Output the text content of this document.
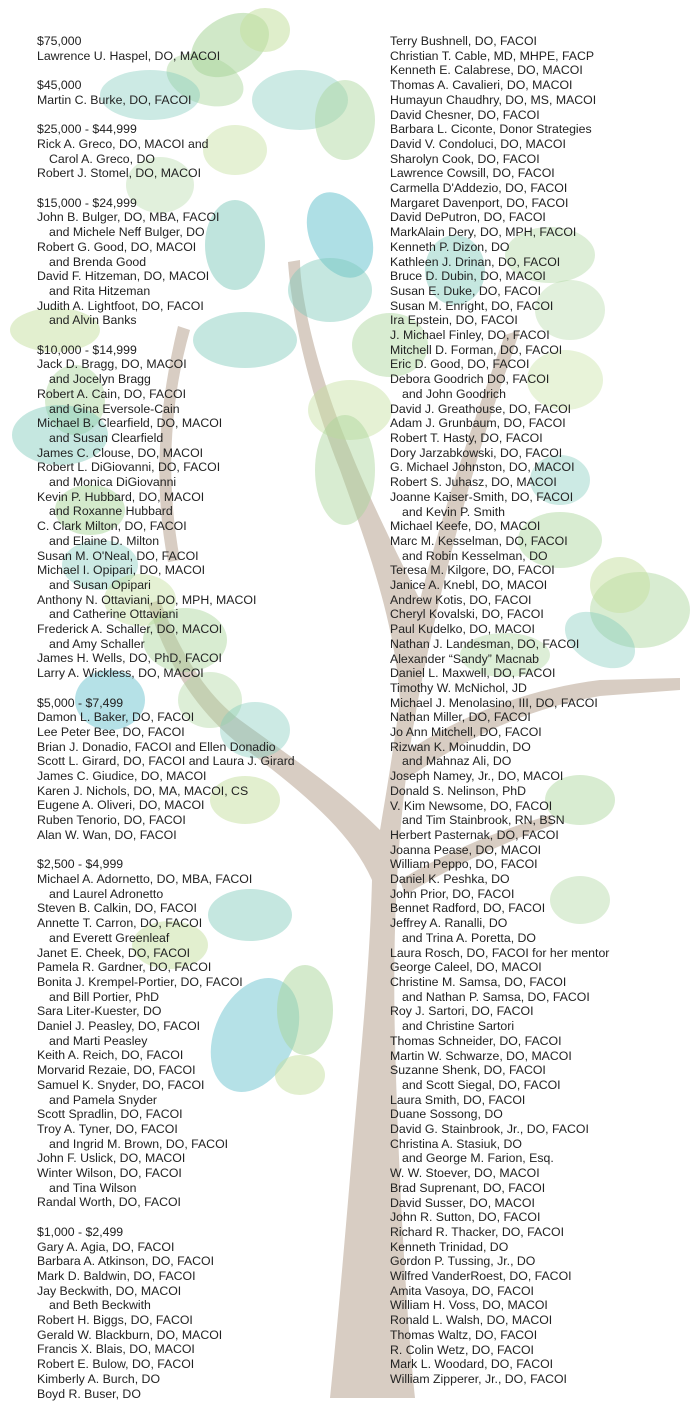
$75,000
Lawrence U. Haspel, DO, MACOI
$45,000
Martin C. Burke, DO, FACOI
$25,000 - $44,999
Rick A. Greco, DO, MACOI and
Carol A. Greco, DO
Robert J. Stomel, DO, MACOI
$15,000 - $24,999
John B. Bulger, DO, MBA, FACOI
and Michele Neff Bulger, DO
Robert G. Good, DO, MACOI
and Brenda Good
David F. Hitzeman, DO, MACOI
and Rita Hitzeman
Judith A. Lightfoot, DO, FACOI
and Alvin Banks
$10,000 - $14,999
Jack D. Bragg, DO, MACOI
and Jocelyn Bragg
Robert A. Cain, DO, FACOI
and Gina Eversole-Cain
Michael B. Clearfield, DO, MACOI
and Susan Clearfield
James C. Clouse, DO, MACOI
Robert L. DiGiovanni, DO, FACOI
and Monica DiGiovanni
Kevin P. Hubbard, DO, MACOI
and Roxanne Hubbard
C. Clark Milton, DO, FACOI
and Elaine D. Milton
Susan M. O'Neal, DO, FACOI
Michael I. Opipari, DO, MACOI
and Susan Opipari
Anthony N. Ottaviani, DO, MPH, MACOI
and Catherine Ottaviani
Frederick A. Schaller, DO, MACOI
and Amy Schaller
James H. Wells, DO, PhD, FACOI
Larry A. Wickless, DO, MACOI
$5,000 - $7,499
Damon L. Baker, DO, FACOI
Lee Peter Bee, DO, FACOI
Brian J. Donadio, FACOI and Ellen Donadio
Scott L. Girard, DO, FACOI and Laura J. Girard
James C. Giudice, DO, MACOI
Karen J. Nichols, DO, MA, MACOI, CS
Eugene A. Oliveri, DO, MACOI
Ruben Tenorio, DO, FACOI
Alan W. Wan, DO, FACOI
$2,500 - $4,999
Michael A. Adornetto, DO, MBA, FACOI
and Laurel Adronetto
Steven B. Calkin, DO, FACOI
Annette T. Carron, DO, FACOI
and Everett Greenleaf
Janet E. Cheek, DO, FACOI
Pamela R. Gardner, DO, FACOI
Bonita J. Krempel-Portier, DO, FACOI
and Bill Portier, PhD
Sara Liter-Kuester, DO
Daniel J. Peasley, DO, FACOI
and Marti Peasley
Keith A. Reich, DO, FACOI
Morvarid Rezaie, DO, FACOI
Samuel K. Snyder, DO, FACOI
and Pamela Snyder
Scott Spradlin, DO, FACOI
Troy A. Tyner, DO, FACOI
and Ingrid M. Brown, DO, FACOI
John F. Uslick, DO, MACOI
Winter Wilson, DO, FACOI
and Tina Wilson
Randal Worth, DO, FACOI
$1,000 - $2,499
Gary A. Agia, DO, FACOI
Barbara A. Atkinson, DO, FACOI
Mark D. Baldwin, DO, FACOI
Jay Beckwith, DO, MACOI
and Beth Beckwith
Robert H. Biggs, DO, FACOI
Gerald W. Blackburn, DO, MACOI
Francis X. Blais, DO, MACOI
Robert E. Bulow, DO, FACOI
Kimberly A. Burch, DO
Boyd R. Buser, DO
Terry Bushnell, DO, FACOI
Christian T. Cable, MD, MHPE, FACP
Kenneth E. Calabrese, DO, MACOI
Thomas A. Cavalieri, DO, MACOI
Humayun Chaudhry, DO, MS, MACOI
David Chesner, DO, FACOI
Barbara L. Ciconte, Donor Strategies
David V. Condoluci, DO, MACOI
Sharolyn Cook, DO, FACOI
Lawrence Cowsill, DO, FACOI
Carmella D'Addezio, DO, FACOI
Margaret Davenport, DO, FACOI
David DePutron, DO, FACOI
MarkAlain Dery, DO, MPH, FACOI
Kenneth P. Dizon, DO
Kathleen J. Drinan, DO, FACOI
Bruce D. Dubin, DO, MACOI
Susan E. Duke, DO, FACOI
Susan M. Enright, DO, FACOI
Ira Epstein, DO, FACOI
J. Michael Finley, DO, FACOI
Mitchell D. Forman, DO, FACOI
Eric D. Good, DO, FACOI
Debora Goodrich DO, FACOI
and John Goodrich
David J. Greathouse, DO, FACOI
Adam J. Grunbaum, DO, FACOI
Robert T. Hasty, DO, FACOI
Dory Jarzabkowski, DO, FACOI
G. Michael Johnston, DO, MACOI
Robert S. Juhasz, DO, MACOI
Joanne Kaiser-Smith, DO, FACOI
and Kevin P. Smith
Michael Keefe, DO, MACOI
Marc M. Kesselman, DO, FACOI
and Robin Kesselman, DO
Teresa M. Kilgore, DO, FACOI
Janice A. Knebl, DO, MACOI
Andrew Kotis, DO, FACOI
Cheryl Kovalski, DO, FACOI
Paul Kudelko, DO, MACOI
Nathan J. Landesman, DO, FACOI
Alexander “Sandy” Macnab
Daniel L. Maxwell, DO, FACOI
Timothy W. McNichol, JD
Michael J. Menolasino, III, DO, FACOI
Nathan Miller, DO, FACOI
Jo Ann Mitchell, DO, FACOI
Rizwan K. Moinuddin, DO
and Mahnaz Ali, DO
Joseph Namey, Jr., DO, MACOI
Donald S. Nelinson, PhD
V. Kim Newsome, DO, FACOI
and Tim Stainbrook, RN, BSN
Herbert Pasternak, DO, FACOI
Joanna Pease, DO, MACOI
William Peppo, DO, FACOI
Daniel K. Peshka, DO
John Prior, DO, FACOI
Bennet Radford, DO, FACOI
Jeffrey A. Ranalli, DO
and Trina A. Poretta, DO
Laura Rosch, DO, FACOI for her mentor
George Caleel, DO, MACOI
Christine M. Samsa, DO, FACOI
and Nathan P. Samsa, DO, FACOI
Roy J. Sartori, DO, FACOI
and Christine Sartori
Thomas Schneider, DO, FACOI
Martin W. Schwarze, DO, MACOI
Suzanne Shenk, DO, FACOI
and Scott Siegal, DO, FACOI
Laura Smith, DO, FACOI
Duane Sossong, DO
David G. Stainbrook, Jr., DO, FACOI
Christina A. Stasiuk, DO
and George M. Farion, Esq.
W. W. Stoever, DO, MACOI
Brad Suprenant, DO, FACOI
David Susser, DO, MACOI
John R. Sutton, DO, FACOI
Richard R. Thacker, DO, FACOI
Kenneth Trinidad, DO
Gordon P. Tussing, Jr., DO
Wilfred VanderRoest, DO, FACOI
Amita Vasoya, DO, FACOI
William H. Voss, DO, MACOI
Ronald L. Walsh, DO, MACOI
Thomas Waltz, DO, FACOI
R. Colin Wetz, DO, FACOI
Mark L. Woodard, DO, FACOI
William Zipperer, Jr., DO, FACOI
